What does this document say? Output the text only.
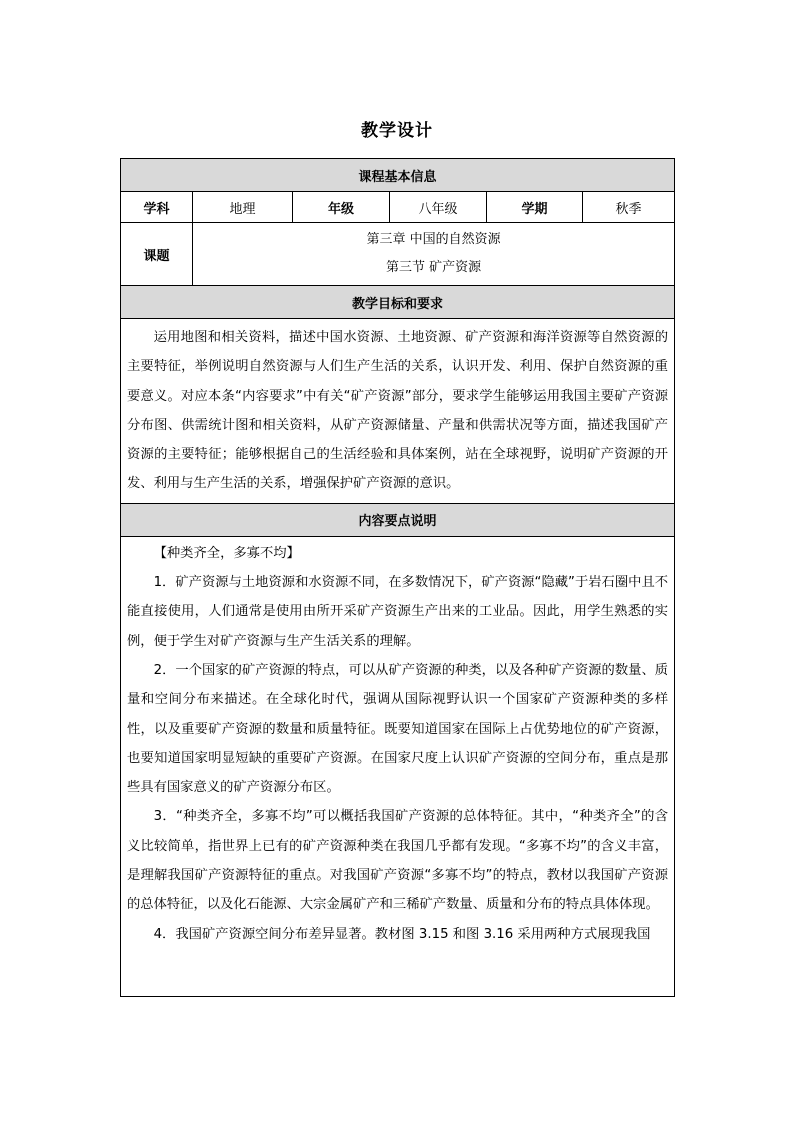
教学设计
课程基本信息					
学科	地理	年级	八年级	学期	秋季
课题	第三章 中国的自然资源
第三节 矿产资源				

教学目标和要求					

运用地图和相关资料，描述中国水资源、土地资源、矿产资源和海洋资源等自然资源的主要特征，举例说明自然资源与人们生产生活的关系，认识开发、利用、保护自然资源的重要意义。对应本条“内容要求”中有关“矿产资源”部分，要求学生能够运用我国主要矿产资源分布图、供需统计图和相关资料，从矿产资源储量、产量和供需状况等方面，描述我国矿产资源的主要特征；能够根据自己的生活经验和具体案例，站在全球视野，说明矿产资源的开发、利用与生产生活的关系，增强保护矿产资源的意识。					

内容要点说明					

【种类齐全，多寡不均】

1．矿产资源与土地资源和水资源不同，在多数情况下，矿产资源“隐藏”于岩石圈中且不能直接使用，人们通常是使用由所开采矿产资源生产出来的工业品。因此，用学生熟悉的实例，便于学生对矿产资源与生产生活关系的理解。

2．一个国家的矿产资源的特点，可以从矿产资源的种类，以及各种矿产资源的数量、质量和空间分布来描述。在全球化时代，强调从国际视野认识一个国家矿产资源种类的多样性，以及重要矿产资源的数量和质量特征。既要知道国家在国际上占优势地位的矿产资源，也要知道国家明显短缺的重要矿产资源。在国家尺度上认识矿产资源的空间分布，重点是那些具有国家意义的矿产资源分布区。

3．“种类齐全，多寡不均”可以概括我国矿产资源的总体特征。其中，“种类齐全”的含义比较简单，指世界上已有的矿产资源种类在我国几乎都有发现。“多寡不均”的含义丰富，是理解我国矿产资源特征的重点。对我国矿产资源“多寡不均”的特点，教材以我国矿产资源的总体特征，以及化石能源、大宗金属矿产和三稀矿产数量、质量和分布的特点具体体现。

4．我国矿产资源空间分布差异显著。教材图 3.15 和图 3.16 采用两种方式展现我国					
